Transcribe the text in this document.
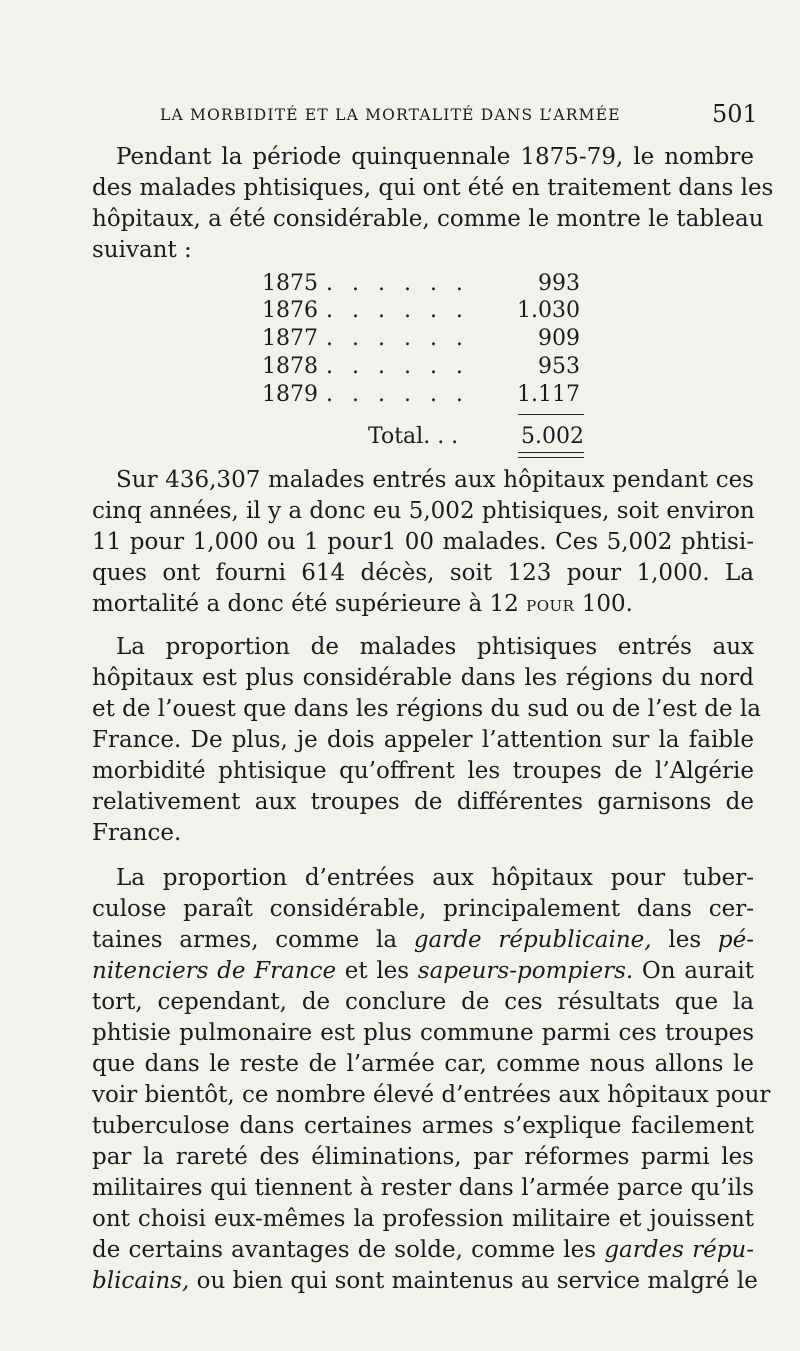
LA MORBIDITÉ ET LA MORTALITÉ DANS L’ARMÉE	501
Pendant la période quinquennale 1875-79, le nombre
des malades phtisiques, qui ont été en traitement dans les
hôpitaux, a été considérable, comme le montre le tableau
suivant :
1875 . . . . . .	993
1876 . . . . . . 1.030
1877 . . . . . .	909
1878 . . . . . .	953
1879 . . . . . . 1.117
Total. . .	5.002
Sur 436,307 malades entrés aux hôpitaux pendant ces
cinq années, il y a donc eu 5,002 phtisiques, soit environ
11 pour 1,000 ou 1 pour1 00 malades. Ces 5,002 phtisi-
ques ont fourni 614 décès, soit 123 pour 1,000. La
mortalité a donc été supérieure à 12 POUR 100.
La proportion de malades phtisiques entrés aux
hôpitaux est plus considérable dans les régions du nord
et de l’ouest que dans les régions du sud ou de l’est de la
France. De plus, je dois appeler l’attention sur la faible
morbidité phtisique qu’offrent les troupes de l’Algérie
relativement aux troupes de différentes garnisons de
France.
La proportion d’entrées aux hôpitaux pour tuber-
culose paraît considérable, principalement dans cer-
taines armes, comme la garde républicaine, les pé-
nitenciers de France et les sapeurs-pompiers. On aurait
tort, cependant, de conclure de ces résultats que la
phtisie pulmonaire est plus commune parmi ces troupes
que dans le reste de l’armée car, comme nous allons le
voir bientôt, ce nombre élevé d’entrées aux hôpitaux pour
tuberculose dans certaines armes s’explique facilement
par la rareté des éliminations, par réformes parmi les
militaires qui tiennent à rester dans l’armée parce qu’ils
ont choisi eux-mêmes la profession militaire et jouissent
de certains avantages de solde, comme les gardes répu-
blicains, ou bien qui sont maintenus au service malgré le
